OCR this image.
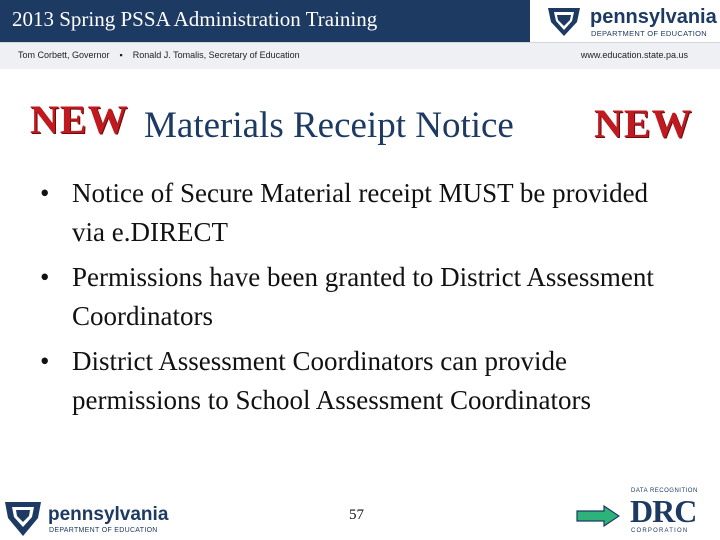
2013 Spring PSSA Administration Training
Tom Corbett, Governor ▪ Ronald J. Tomalis, Secretary of Education	www.education.state.pa.us
pennsylvania
DEPARTMENT OF EDUCATION
NEW Materials Receipt Notice NEW
• Notice of Secure Material receipt MUST be provided via e.DIRECT
• Permissions have been granted to District Assessment Coordinators
• District Assessment Coordinators can provide permissions to School Assessment Coordinators
57
pennsylvania
DEPARTMENT OF EDUCATION
DATA RECOGNITION
DRC
CORPORATION
